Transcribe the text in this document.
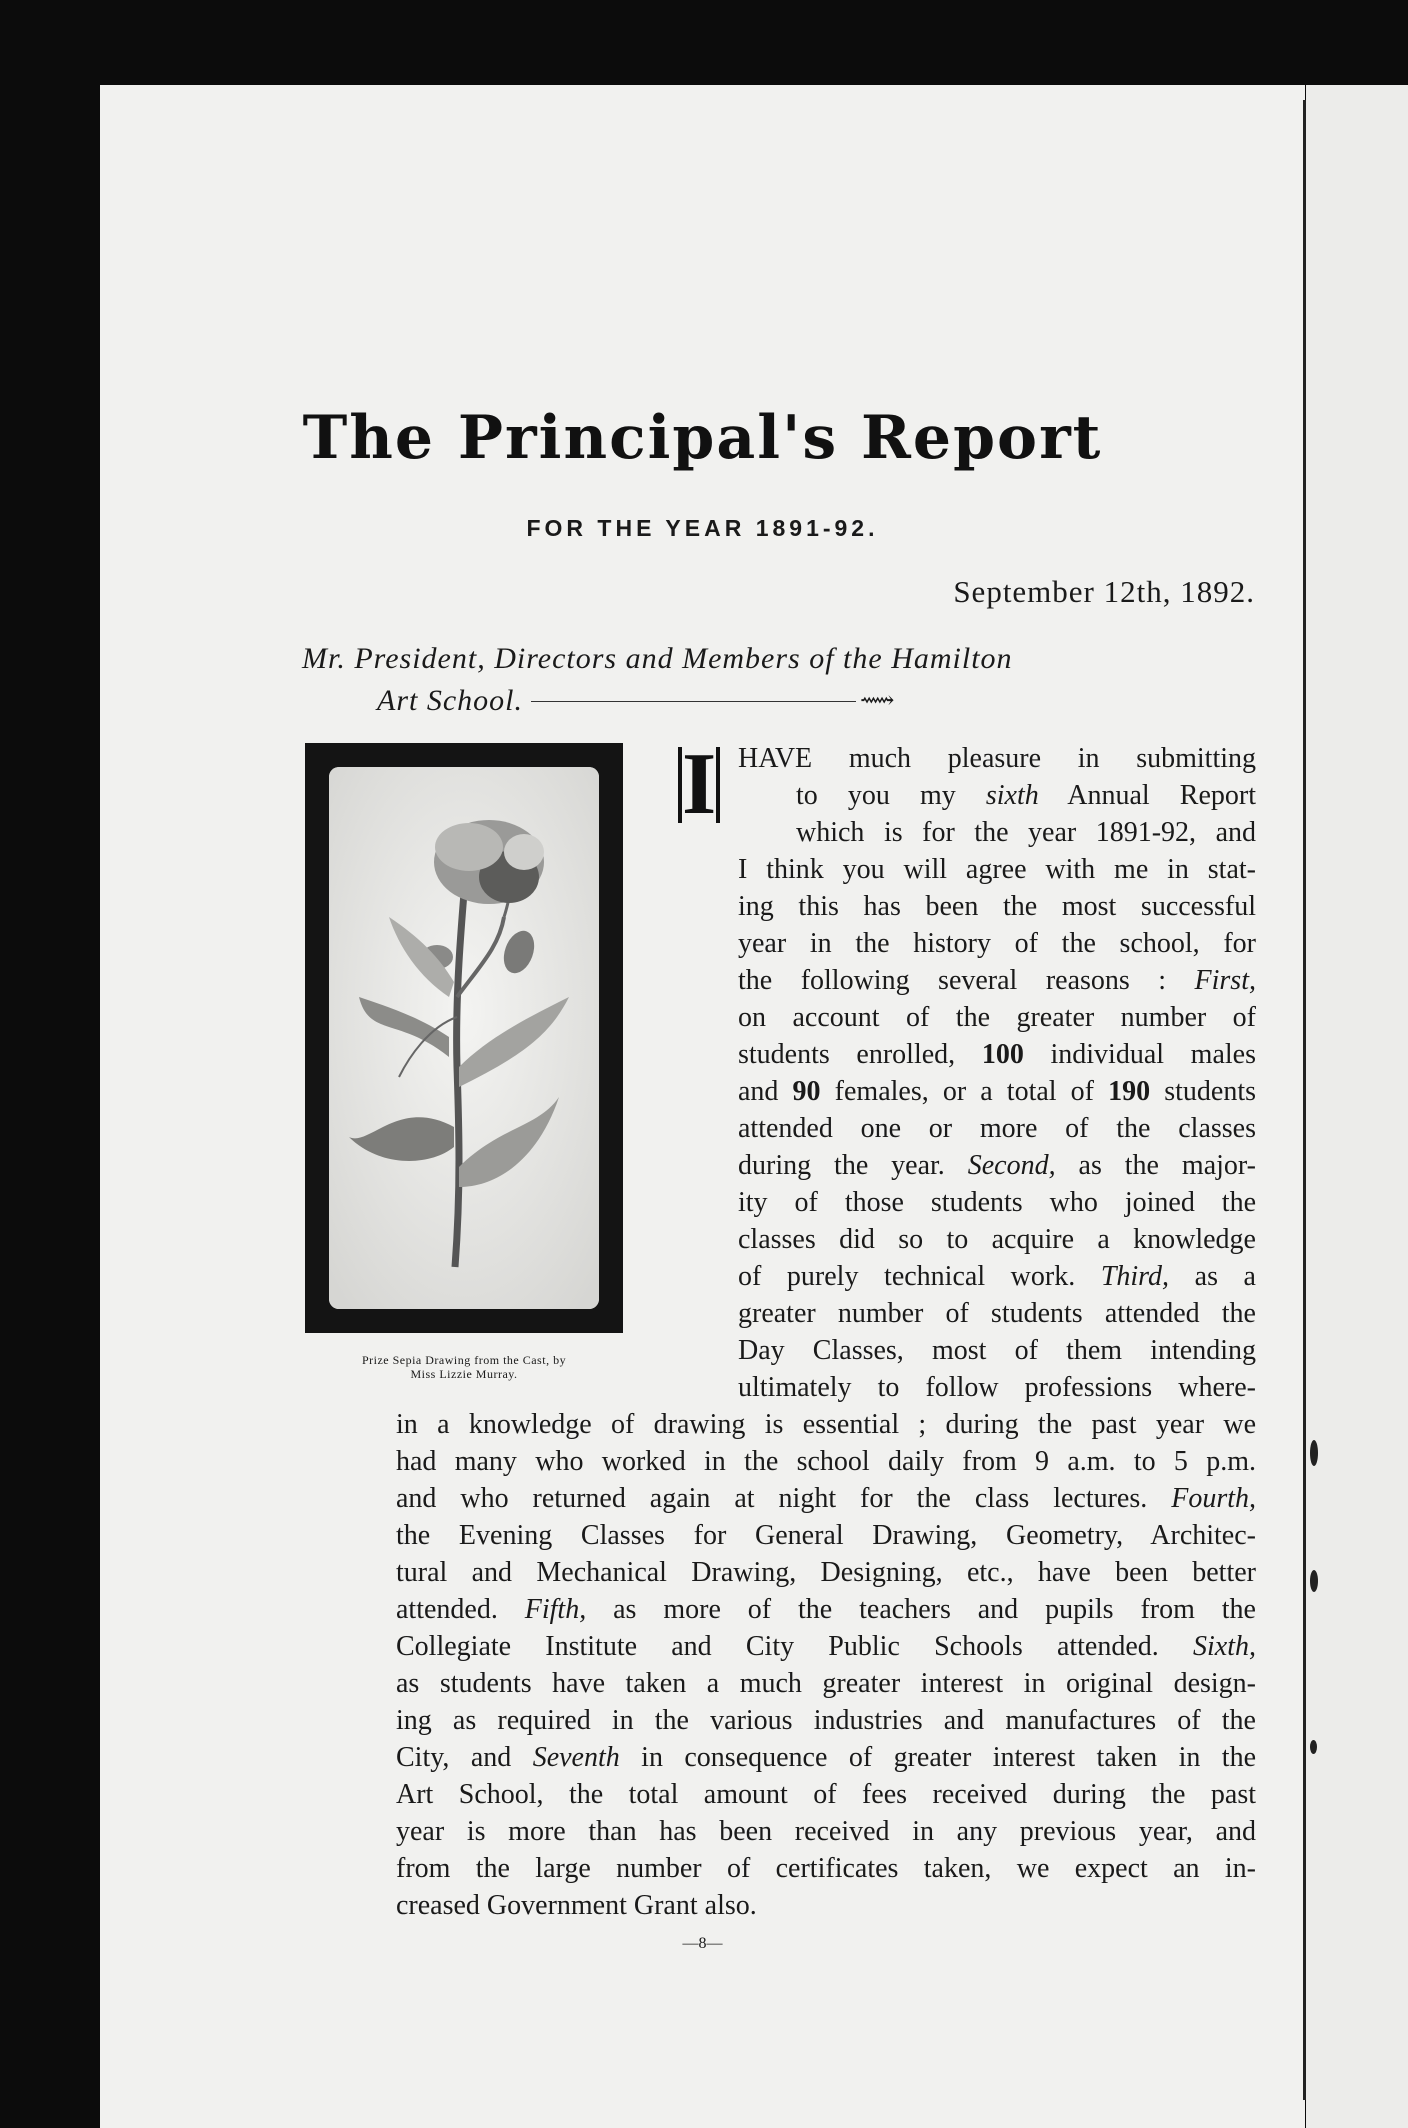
The Principal's Report
FOR THE YEAR 1891-92.
September 12th, 1892.
Mr. President, Directors and Members of the Hamilton
Art School.	⟿
Prize Sepia Drawing from the Cast, by
Miss Lizzie Murray.
I HAVE much pleasure in submitting
to you my sixth Annual Report
which is for the year 1891-92, and
I think you will agree with me in stat-
ing this has been the most successful
year in the history of the school, for
the following several reasons : First,
on account of the greater number of
students enrolled, 100 individual males
and 90 females, or a total of 190 students
attended one or more of the classes
during the year. Second, as the major-
ity of those students who joined the
classes did so to acquire a knowledge
of purely technical work. Third, as a
greater number of students attended the
Day Classes, most of them intending
ultimately to follow professions where-
in a knowledge of drawing is essential ; during the past year we
had many who worked in the school daily from 9 a.m. to 5 p.m.
and who returned again at night for the class lectures. Fourth,
the Evening Classes for General Drawing, Geometry, Architec-
tural and Mechanical Drawing, Designing, etc., have been better
attended. Fifth, as more of the teachers and pupils from the
Collegiate Institute and City Public Schools attended. Sixth,
as students have taken a much greater interest in original design-
ing as required in the various industries and manufactures of the
City, and Seventh in consequence of greater interest taken in the
Art School, the total amount of fees received during the past
year is more than has been received in any previous year, and
from the large number of certificates taken, we expect an in-
creased Government Grant also.
—8—
